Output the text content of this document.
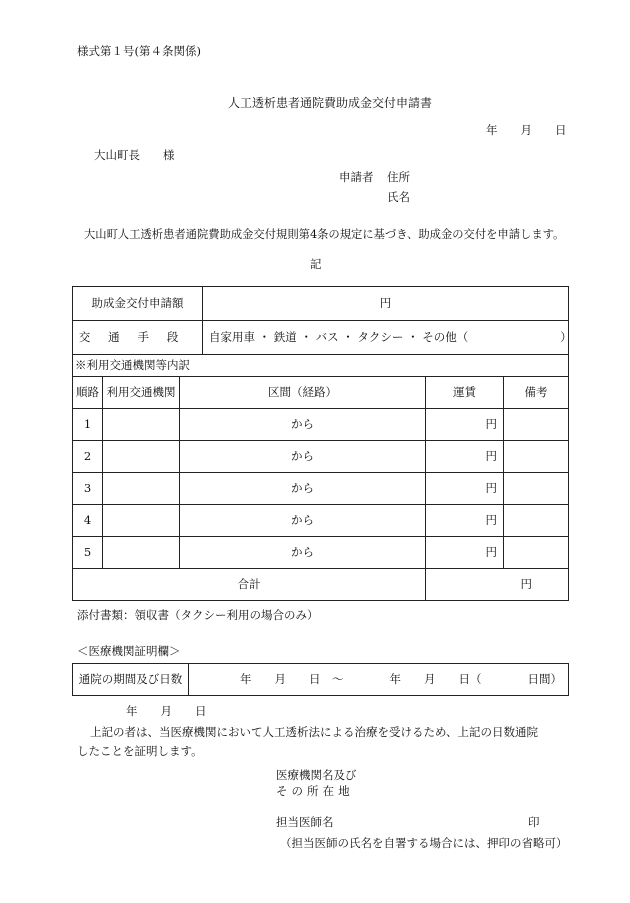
様式第１号(第４条関係)
人工透析患者通院費助成金交付申請書
年　　月　　日
大山町長　　様
申請者 住所
氏名
大山町人工透析患者通院費助成金交付規則第4条の規定に基づき、助成金の交付を申請します。
記
助成金交付申請額			円		
交通手段			自家用車 ・ 鉄道 ・ バス ・ タクシー ・ その他（　　　　　　　　）		
※利用交通機関等内訳					
順路	利用交通機関	区間（経路）		運賃	備考
1		から		円	
2		から		円	
3		から		円	
4		から		円	
5		から		円	
合計				円	
添付書類：領収書（タクシー利用の場合のみ）
＜医療機関証明欄＞
通院の期間及び日数	年　　月　　日　～　　　　年　　月　　日（　　　　日間）
年　　月　　日
上記の者は、当医療機関において人工透析法による治療を受けるため、上記の日数通院
したことを証明します。
医療機関名及び
その所在地
担当医師名	印
（担当医師の氏名を自署する場合には、押印の省略可）
